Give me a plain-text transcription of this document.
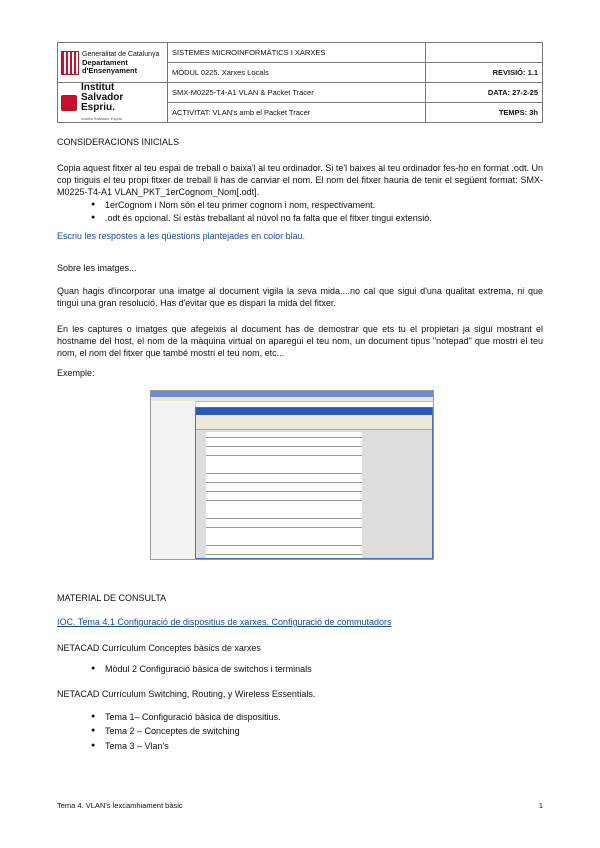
Generalitat de Catalunya
Departament
d'Ensenyament	SISTEMES MICROINFORMÀTICS I XARXES	
	MÒDUL 0225. Xarxes Locals	REVISIÓ: 1.1

Institut
Salvador
Espriu.
Institut Salvador Espriu	SMX-M0225-T4-A1 VLAN & Packet Tracer	DATA: 27-2-25
	ACTIVITAT: VLAN's amb el Packet Tracer	TEMPS: 3h

CONSIDERACIONS INICIALS

Copia aquest fitxer al teu espai de treball o baixa'l al teu ordinador. Si te'l baixes al teu ordinador fes-ho en format .odt. Un cop tinguis el teu propi fitxer de treball li has de canviar el nom. El nom del fitxer hauria de tenir el següent format: SMX-M0225-T4-A1 VLAN_PKT_1erCognom_Nom[.odt].

● 1erCognom i Nom són el teu primer cognom i nom, respectivament.
● .odt és opcional. Si estàs treballant al núvol no fa falta que el fitxer tingui extensió.

Escriu les respostes a les qüestions plantejades en color blau.

Sobre les imatges...

Quan hagis d'incorporar una imatge al document vigila la seva mida....no cal que sigui d'una qualitat extrema, ni que tingui una gran resolució. Has d'evitar que es dispari la mida del fitxer.

En les captures o imatges que afegeixis al document has de demostrar que ets tu el propietari ja sigui mostrant el hostname del host, el nom de la màquina virtual on aparegui el teu nom, un document tipus "notepad" que mostri el teu nom, el nom del fitxer que també mostri el teu nom, etc...

Exemple:

MATERIAL DE CONSULTA

IOC. Tema 4.1 Configuració de dispositius de xarxes. Configuració de commutadors

NETACAD Currículum Conceptes bàsics de xarxes

● Mòdul 2 Configuració bàsica de switchos i terminals

NETACAD Currículum Switching, Routing, y Wireless Essentials.

● Tema 1– Configuració bàsica de dispositius.
● Tema 2 – Conceptes de switching
● Tema 3 – Vlan's
Tema 4. VLAN's lexcamhiament bàsic	1
